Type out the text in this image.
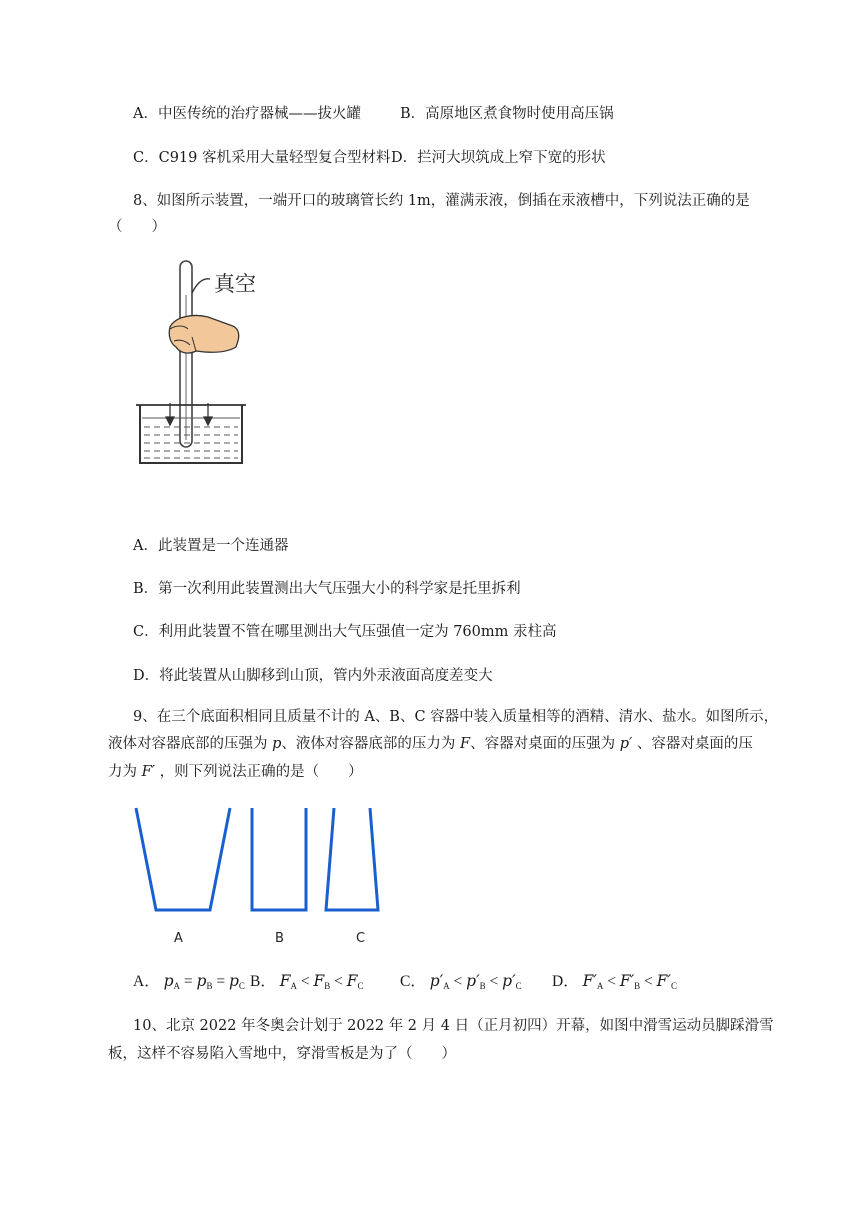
A．中医传统的治疗器械——拔火罐	B．高原地区煮食物时使用高压锅
C．C919 客机采用大量轻型复合型材料 D．拦河大坝筑成上窄下宽的形状
8、如图所示装置，一端开口的玻璃管长约 1m，灌满汞液，倒插在汞液槽中，下列说法正确的是
（　　）
真空
A．此装置是一个连通器
B．第一次利用此装置测出大气压强大小的科学家是托里拆利
C．利用此装置不管在哪里测出大气压强值一定为 760mm 汞柱高
D．将此装置从山脚移到山顶，管内外汞液面高度差变大
9、在三个底面积相同且质量不计的 A、B、C 容器中装入质量相等的酒精、清水、盐水。如图所示，
液体对容器底部的压强为 p、液体对容器底部的压力为 F、容器对桌面的压强为 p′ 、容器对桌面的压
力为 F′ ，则下列说法正确的是（　　）
A	B	C
A． $p_A = p_B = p_C$ B． $F_A < F_B < F_C$ C． $p'_A < p'_B < p'_C$ D． $F'_A < F'_B < F'_C$
10、北京 2022 年冬奥会计划于 2022 年 2 月 4 日（正月初四）开幕，如图中滑雪运动员脚踩滑雪
板，这样不容易陷入雪地中，穿滑雪板是为了（　　）
